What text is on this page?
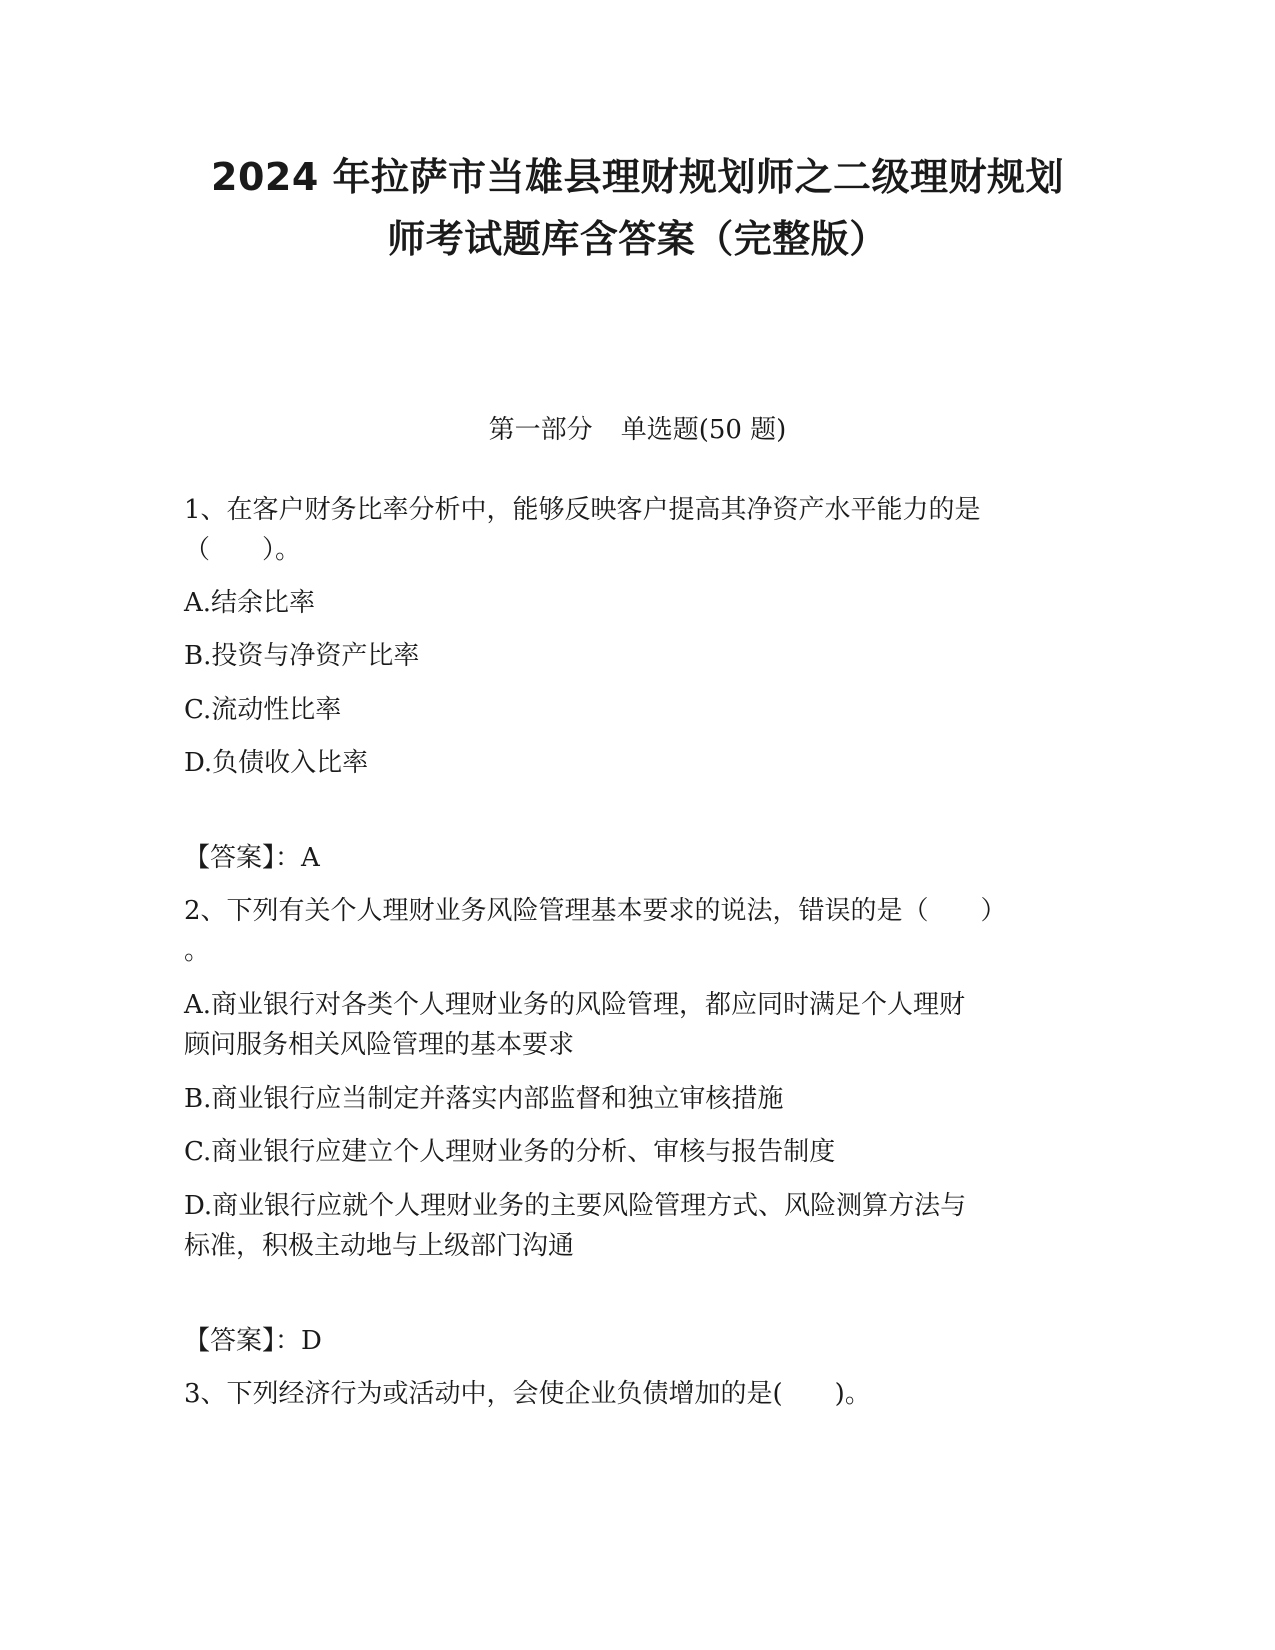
2024 年拉萨市当雄县理财规划师之二级理财规划
师考试题库含答案（完整版）
第一部分 单选题(50 题)
1、在客户财务比率分析中，能够反映客户提高其净资产水平能力的是
（　　）。
A.结余比率
B.投资与净资产比率
C.流动性比率
D.负债收入比率
【答案】：A
2、下列有关个人理财业务风险管理基本要求的说法，错误的是（　　）
。
A.商业银行对各类个人理财业务的风险管理，都应同时满足个人理财
顾问服务相关风险管理的基本要求
B.商业银行应当制定并落实内部监督和独立审核措施
C.商业银行应建立个人理财业务的分析、审核与报告制度
D.商业银行应就个人理财业务的主要风险管理方式、风险测算方法与
标准，积极主动地与上级部门沟通
【答案】：D
3、下列经济行为或活动中，会使企业负债增加的是(　　)。
